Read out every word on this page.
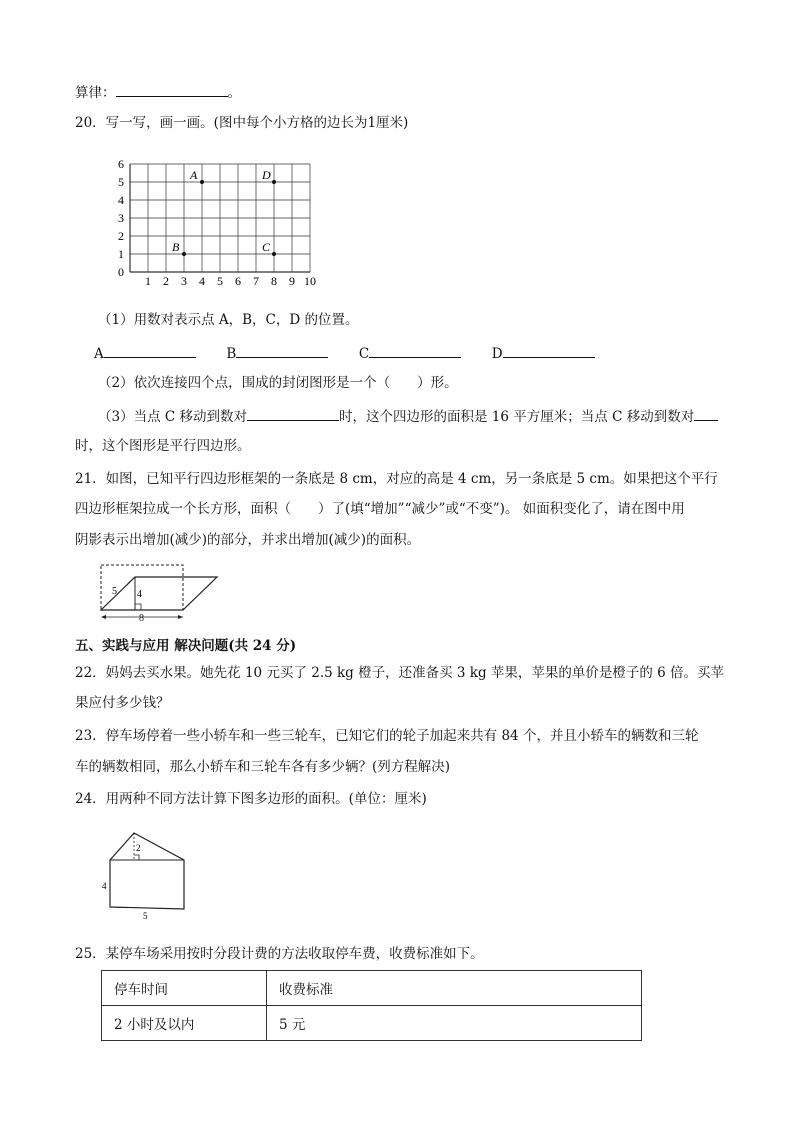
算律：	。
20．写一写，画一画。(图中每个小方格的边长为1厘米)
1 2 3 4 5 6 7 8 9 10
0
1
2
3
4
5
6
A
B	C
D
（1）用数对表示点 A，B，C，D 的位置。
A	B	C	D
（2）依次连接四个点，围成的封闭图形是一个（　　）形。
（3）当点 C 移动到数对	时，这个四边形的面积是 16 平方厘米；当点 C 移动到数对
时，这个图形是平行四边形。
21．如图，已知平行四边形框架的一条底是 8 cm，对应的高是 4 cm，另一条底是 5 cm。如果把这个平行
四边形框架拉成一个长方形，面积（　　）了(填“增加”“减少”或“不变”)。 如面积变化了，请在图中用
阴影表示出增加(减少)的部分，并求出增加(减少)的面积。
5 4
8
五、实践与应用 解决问题(共 24 分)
22．妈妈去买水果。她先花 10 元买了 2.5 kg 橙子，还准备买 3 kg 苹果，苹果的单价是橙子的 6 倍。买苹
果应付多少钱？
23．停车场停着一些小轿车和一些三轮车，已知它们的轮子加起来共有 84 个，并且小轿车的辆数和三轮
车的辆数相同，那么小轿车和三轮车各有多少辆？(列方程解决)
24．用两种不同方法计算下图多边形的面积。(单位：厘米)
2
4
5
25．某停车场采用按时分段计费的方法收取停车费，收费标准如下。
停车时间	收费标准
2 小时及以内	5 元
